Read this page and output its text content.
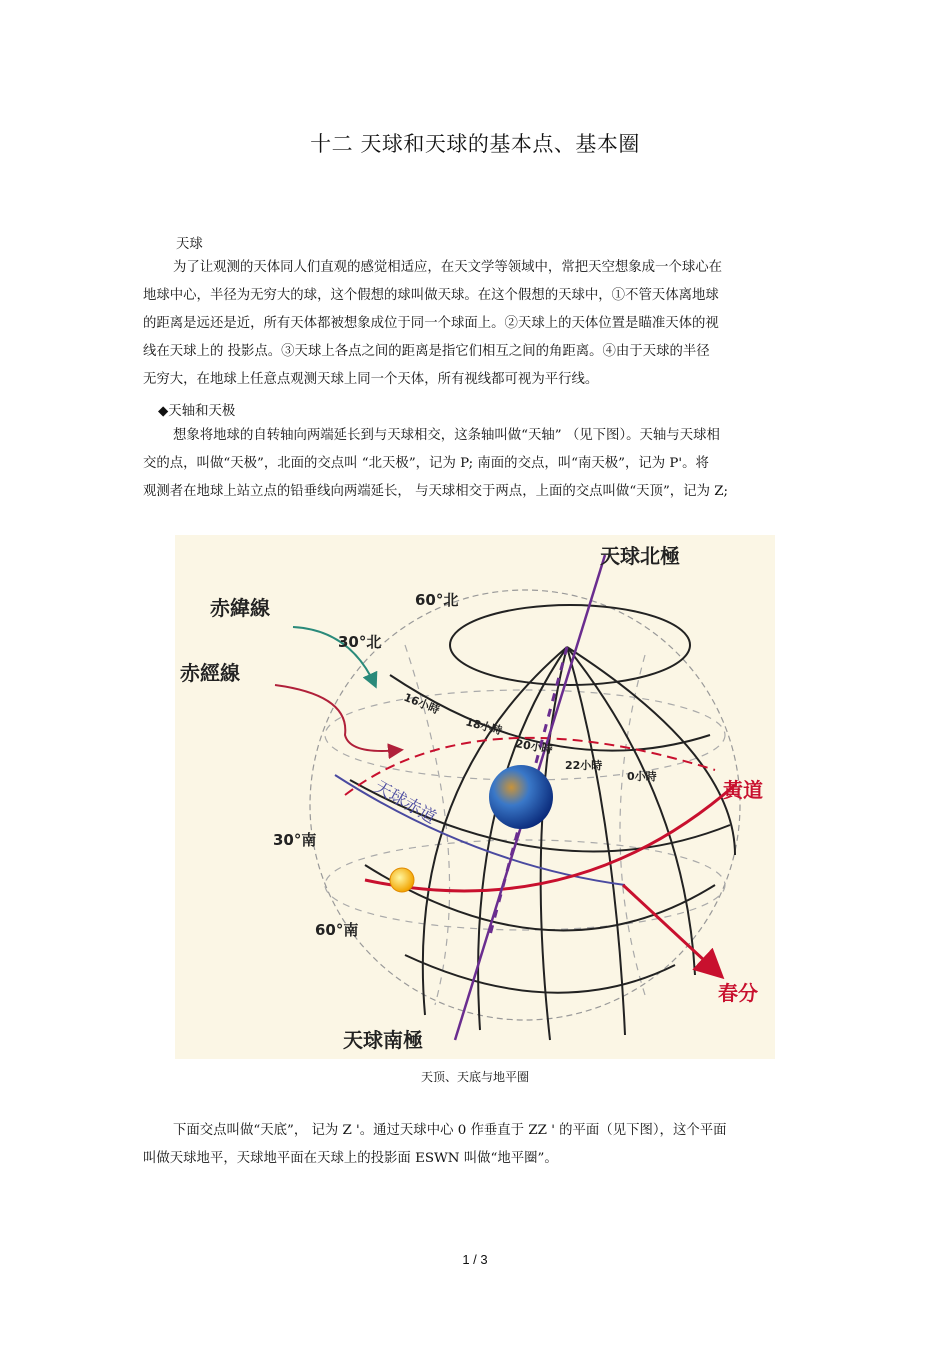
十二 天球和天球的基本点、基本圈
天球
为了让观测的天体同人们直观的感觉相适应，在天文学等领域中，常把天空想象成一个球心在
地球中心，半径为无穷大的球，这个假想的球叫做天球。在这个假想的天球中，①不管天体离地球
的距离是远还是近，所有天体都被想象成位于同一个球面上。②天球上的天体位置是瞄准天体的视
线在天球上的 投影点。③天球上各点之间的距离是指它们相互之间的角距离。④由于天球的半径
无穷大，在地球上任意点观测天球上同一个天体，所有视线都可视为平行线。
◆天轴和天极
想象将地球的自转轴向两端延长到与天球相交，这条轴叫做“天轴” （见下图）。天轴与天球相
交的点，叫做“天极”，北面的交点叫 “北天极”，记为 P; 南面的交点，叫“南天极”，记为 P'。将
观测者在地球上站立点的铅垂线向两端延长， 与天球相交于两点，上面的交点叫做“天顶”，记为 Z;
天球北極
天球南極
赤緯線
赤經線
60°北
30°北
30°南
60°南
16小時
18小時
20小時
22小時
0小時
天球赤道	黃道
春分
天顶、天底与地平圈
下面交点叫做“天底”， 记为 Z '。通过天球中心 0 作垂直于 ZZ ' 的平面（见下图），这个平面
叫做天球地平，天球地平面在天球上的投影面 ESWN 叫做“地平圈”。
1 / 3
